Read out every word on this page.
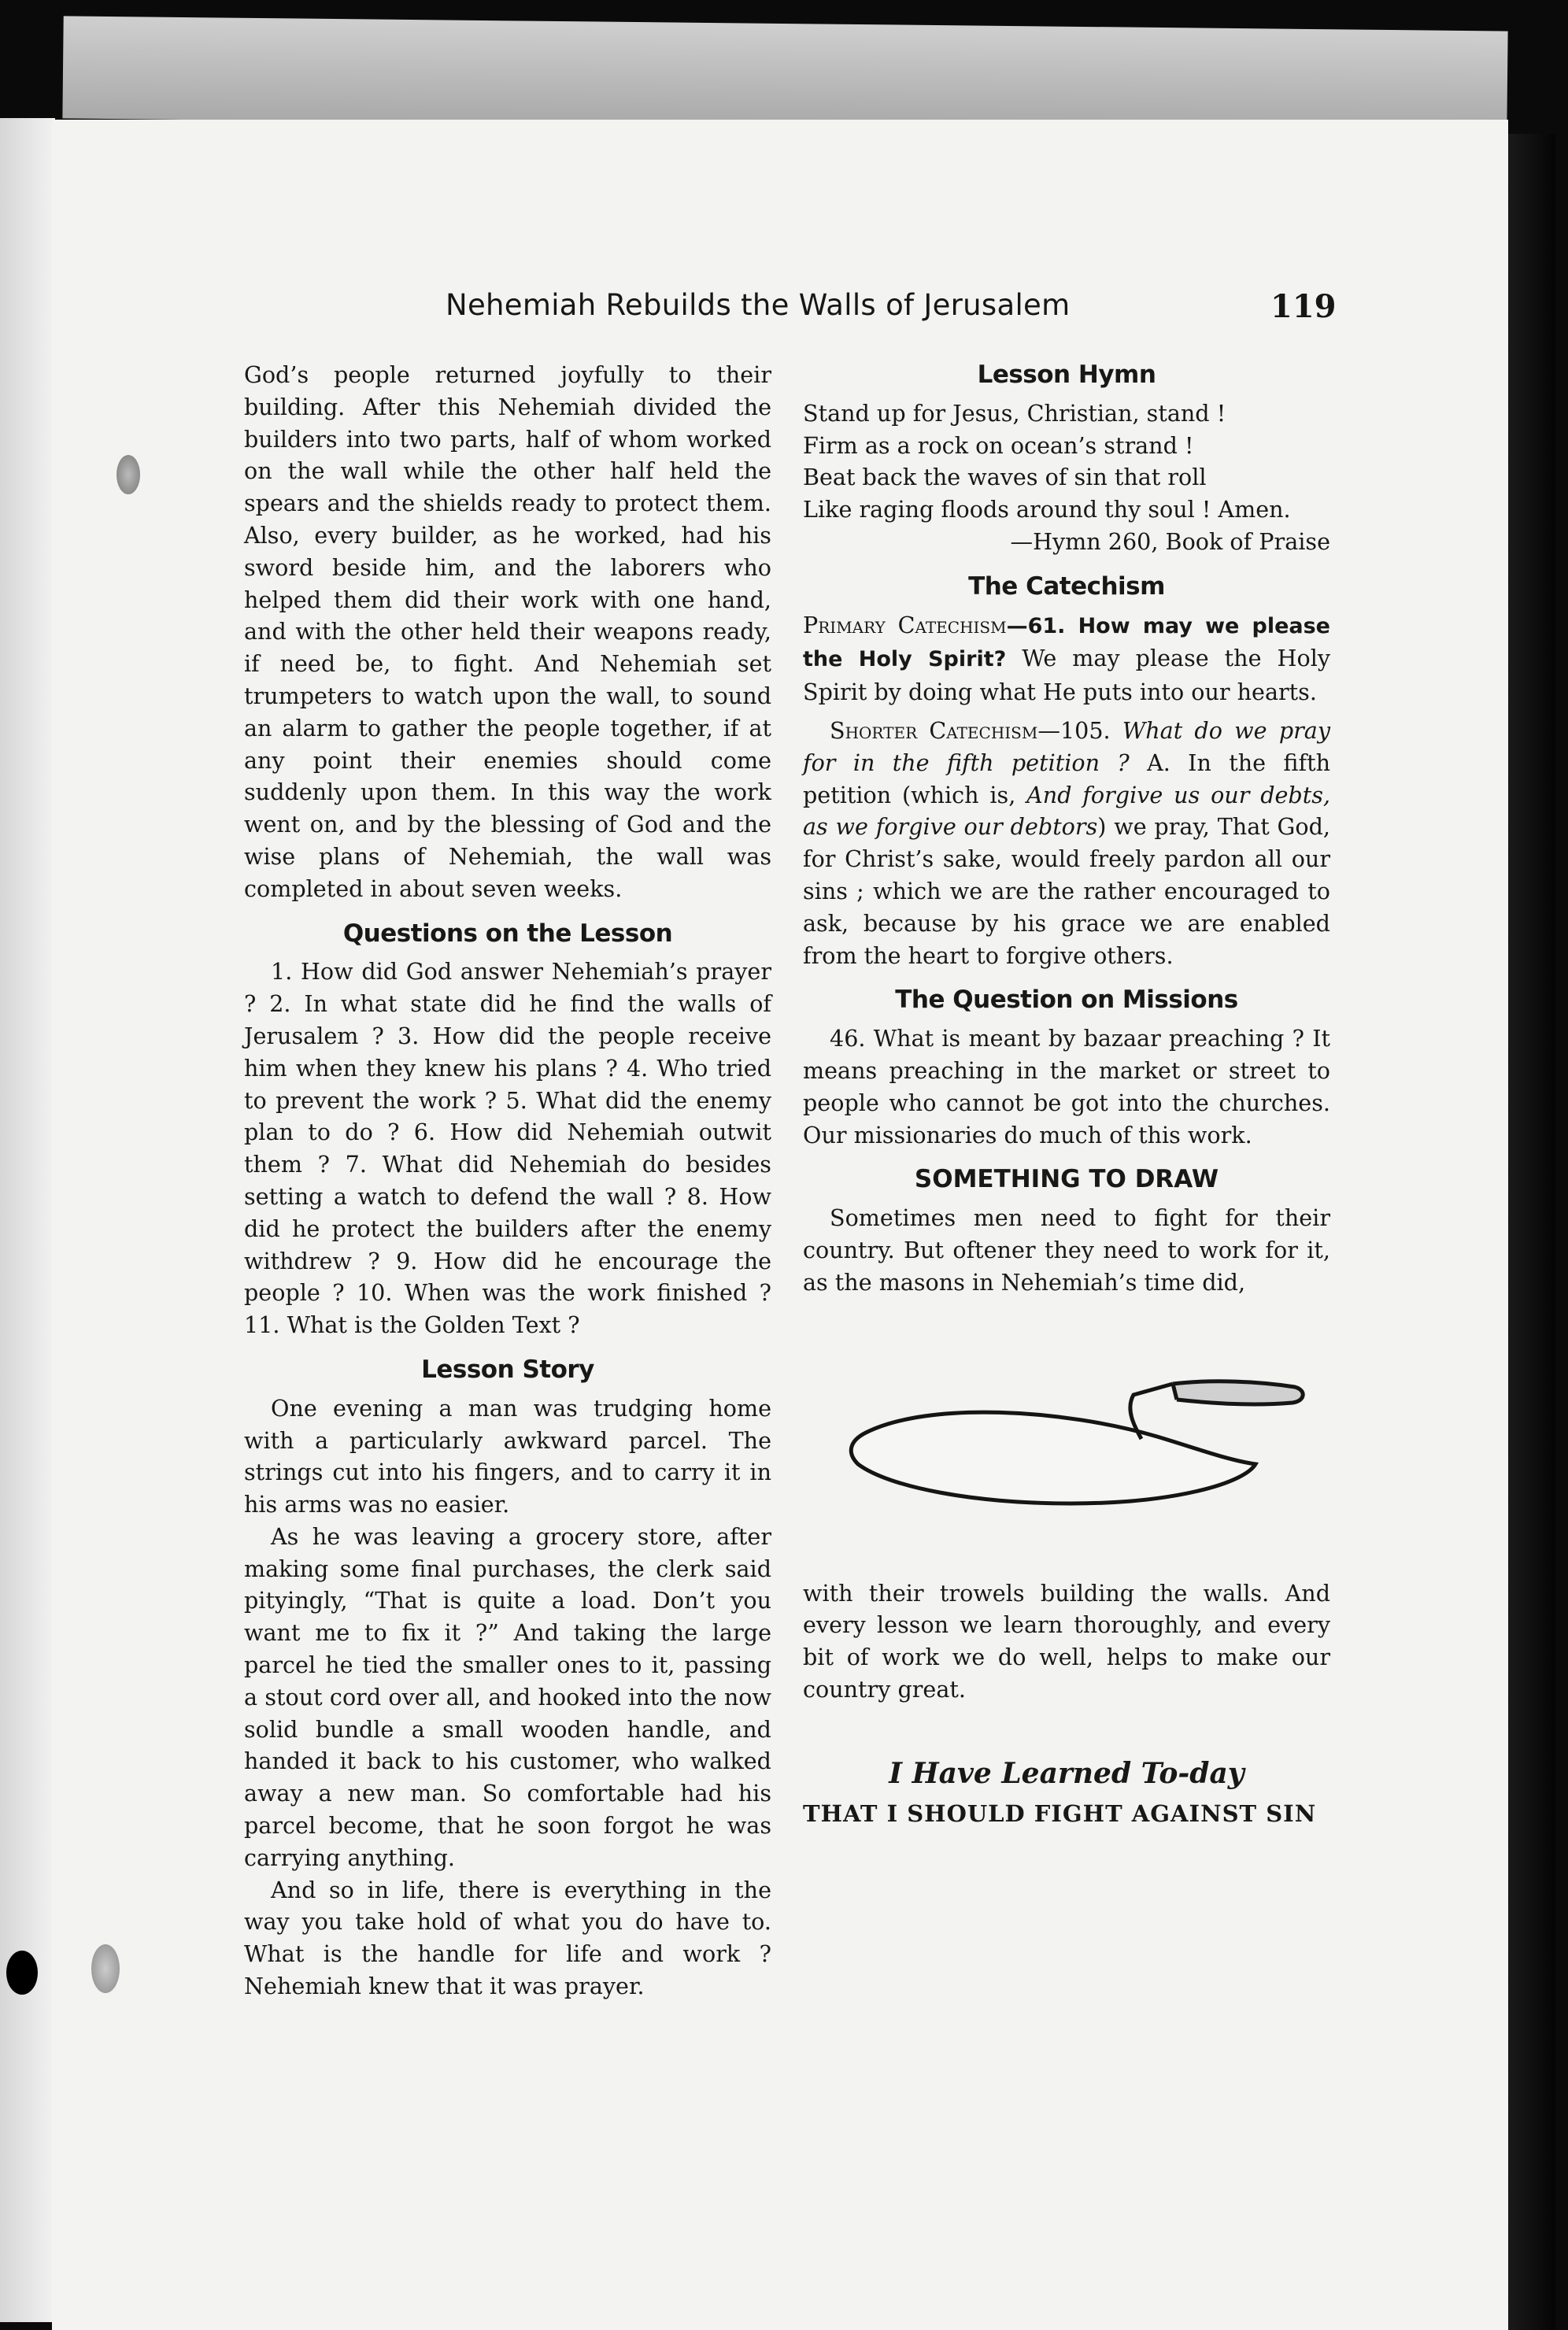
Nehemiah Rebuilds the Walls of Jerusalem	119

God’s people returned joyfully to their building. After this Nehemiah divided the builders into two parts, half of whom worked on the wall while the other half held the spears and the shields ready to protect them. Also, every builder, as he worked, had his sword beside him, and the laborers who helped them did their work with one hand, and with the other held their weapons ready, if need be, to fight. And Nehemiah set trumpeters to watch upon the wall, to sound an alarm to gather the people together, if at any point their enemies should come suddenly upon them. In this way the work went on, and by the blessing of God and the wise plans of Nehemiah, the wall was completed in about seven weeks.

Questions on the Lesson

1. How did God answer Nehemiah’s prayer ? 2. In what state did he find the walls of Jerusalem ? 3. How did the people receive him when they knew his plans ? 4. Who tried to prevent the work ? 5. What did the enemy plan to do ? 6. How did Nehemiah outwit them ? 7. What did Nehemiah do besides setting a watch to defend the wall ? 8. How did he protect the builders after the enemy withdrew ? 9. How did he encourage the people ? 10. When was the work finished ? 11. What is the Golden Text ?

Lesson Story

One evening a man was trudging home with a particularly awkward parcel. The strings cut into his fingers, and to carry it in his arms was no easier.

As he was leaving a grocery store, after making some final purchases, the clerk said pityingly, “That is quite a load. Don’t you want me to fix it ?” And taking the large parcel he tied the smaller ones to it, passing a stout cord over all, and hooked into the now solid bundle a small wooden handle, and handed it back to his customer, who walked away a new man. So comfortable had his parcel become, that he soon forgot he was carrying anything.

And so in life, there is everything in the way you take hold of what you do have to. What is the handle for life and work ? Nehemiah knew that it was prayer.

Lesson Hymn

Stand up for Jesus, Christian, stand !

Firm as a rock on ocean’s strand !

Beat back the waves of sin that roll

Like raging floods around thy soul ! Amen.

—Hymn 260, Book of Praise

The Catechism

Primary Catechism—61. How may we please the Holy Spirit? We may please the Holy Spirit by doing what He puts into our hearts.

Shorter Catechism—105. What do we pray for in the fifth petition ? A. In the fifth petition (which is, And forgive us our debts, as we forgive our debtors) we pray, That God, for Christ’s sake, would freely pardon all our sins ; which we are the rather encouraged to ask, because by his grace we are enabled from the heart to forgive others.

The Question on Missions

46. What is meant by bazaar preaching ? It means preaching in the market or street to people who cannot be got into the churches. Our missionaries do much of this work.

SOMETHING TO DRAW

Sometimes men need to fight for their country. But oftener they need to work for it, as the masons in Nehemiah’s time did,

with their trowels building the walls. And every lesson we learn thoroughly, and every bit of work we do well, helps to make our country great.

I Have Learned To-day

THAT I SHOULD FIGHT AGAINST SIN
